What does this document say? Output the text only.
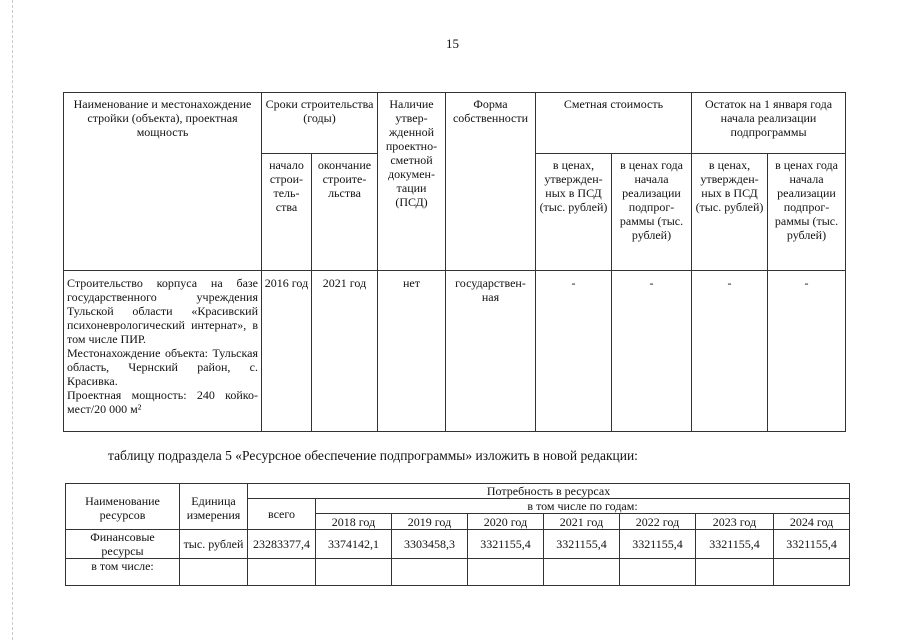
15
Наименование и местонахождение стройки (объекта), проектная мощность	Сроки строительства (годы)		Наличие утвер-жденной проектно-сметной докумен-тации (ПСД)	Форма собственности	Сметная стоимость		Остаток на 1 января года начала реализации подпрограммы	
	начало строи-тель-ства	окончание строите-льства			в ценах, утвержден-ных в ПСД (тыс. рублей)	в ценах года начала реализации подпрог-раммы (тыс. рублей)	в ценах, утвержден-ных в ПСД (тыс. рублей)	в ценах года начала реализации подпрог-раммы (тыс. рублей)

Строительство корпуса на базе государственного учреждения Тульской области «Красивский психоневрологический интернат», в том числе ПИР.
Местонахождение объекта: Тульская область, Чернский район, с. Красивка.
Проектная мощность: 240 койко-мест/20 000 м²	2016 год	2021 год	нет	государствен-ная	-	-	-	-
таблицу подраздела 5 «Ресурсное обеспечение подпрограммы» изложить в новой редакции:
Наименование ресурсов	Единица измерения	Потребность в ресурсах							
		всего	в том числе по годам:						
			2018 год	2019 год	2020 год	2021 год	2022 год	2023 год	2024 год
Финансовые ресурсы	тыс. рублей	23283377,4	3374142,1	3303458,3	3321155,4	3321155,4	3321155,4	3321155,4	3321155,4
в том числе:									
